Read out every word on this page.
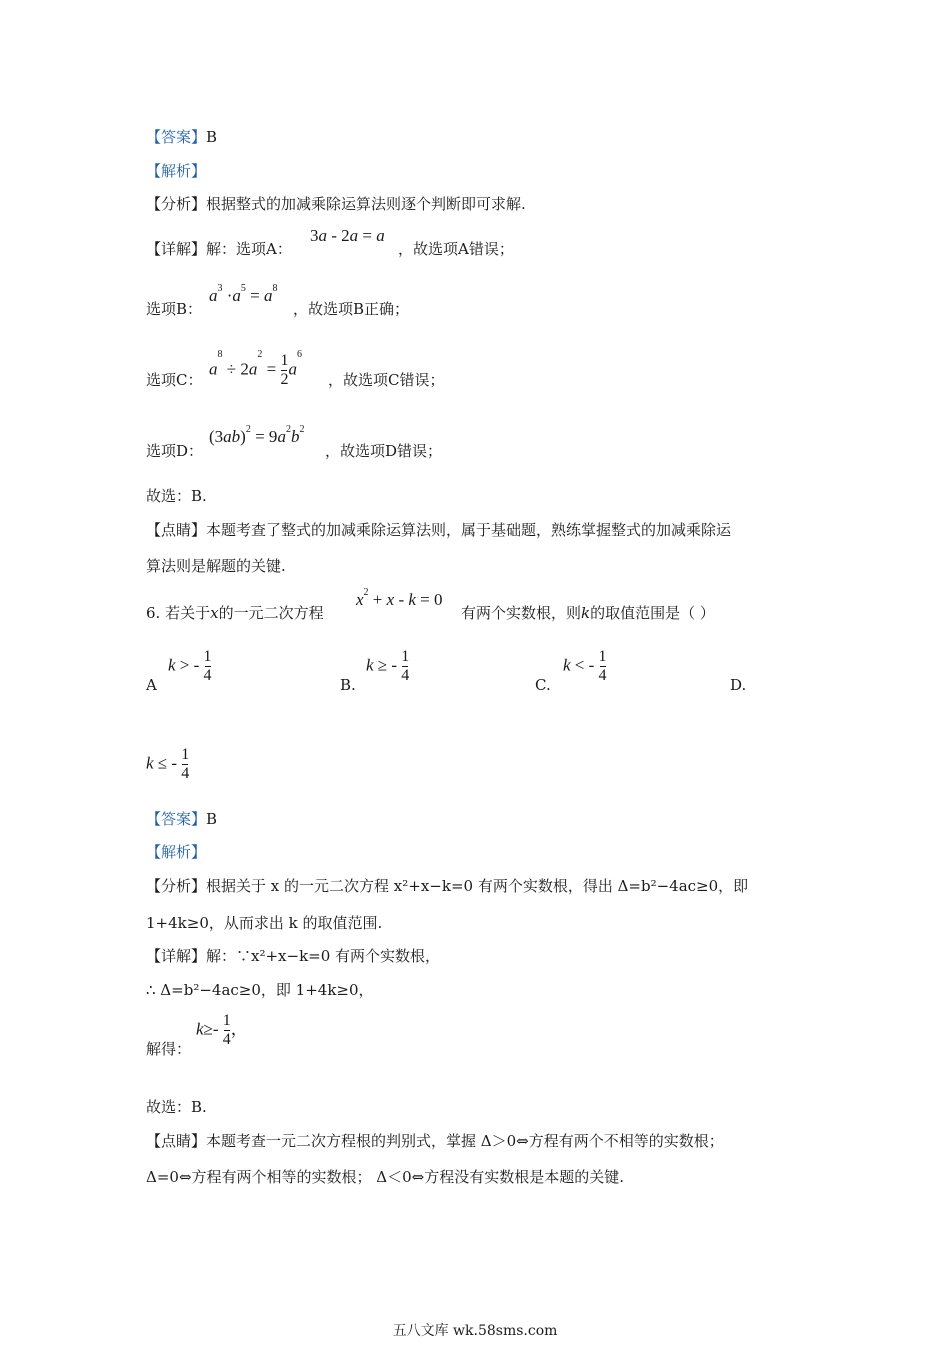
【答案】B
【解析】
【分析】根据整式的加减乘除运算法则逐个判断即可求解.
【详解】解：选项A：
3a - 2a = a
，故选项A错误；
选项B：
$a^3 \cdot a^5 = a^8$
，故选项B正确；
选项C：
$a^8 \div 2a^2 = \frac{1}{2} a^6$
，故选项C错误；
选项D：
$(3ab)^2 = 9a^2b^2$
，故选项D错误；
故选：B.
【点睛】本题考查了整式的加减乘除运算法则，属于基础题，熟练掌握整式的加减乘除运
算法则是解题的关键.
6. 若关于x的一元二次方程
$x^2 + x - k = 0$
有两个实数根，则k的取值范围是（ ）
A
k > - $\frac{1}{4}$	B.
k ≥ - $\frac{1}{4}$	C.
k < - $\frac{1}{4}$	D.
k ≤ - $\frac{1}{4}$
【答案】B
【解析】
【分析】根据关于 x 的一元二次方程 x²+x−k=0 有两个实数根，得出 Δ=b²−4ac≥0，即
1+4k≥0，从而求出 k 的取值范围.
【详解】解：∵x²+x−k=0 有两个实数根，
∴ Δ=b²−4ac≥0，即 1+4k≥0，
解得：
$k\ge- \frac{1}{4}$ ，
故选：B.
【点睛】本题考查一元二次方程根的判别式，掌握 Δ＞0⇔方程有两个不相等的实数根；
Δ=0⇔方程有两个相等的实数根； Δ＜0⇔方程没有实数根是本题的关键.
五八文库 wk.58sms.com
